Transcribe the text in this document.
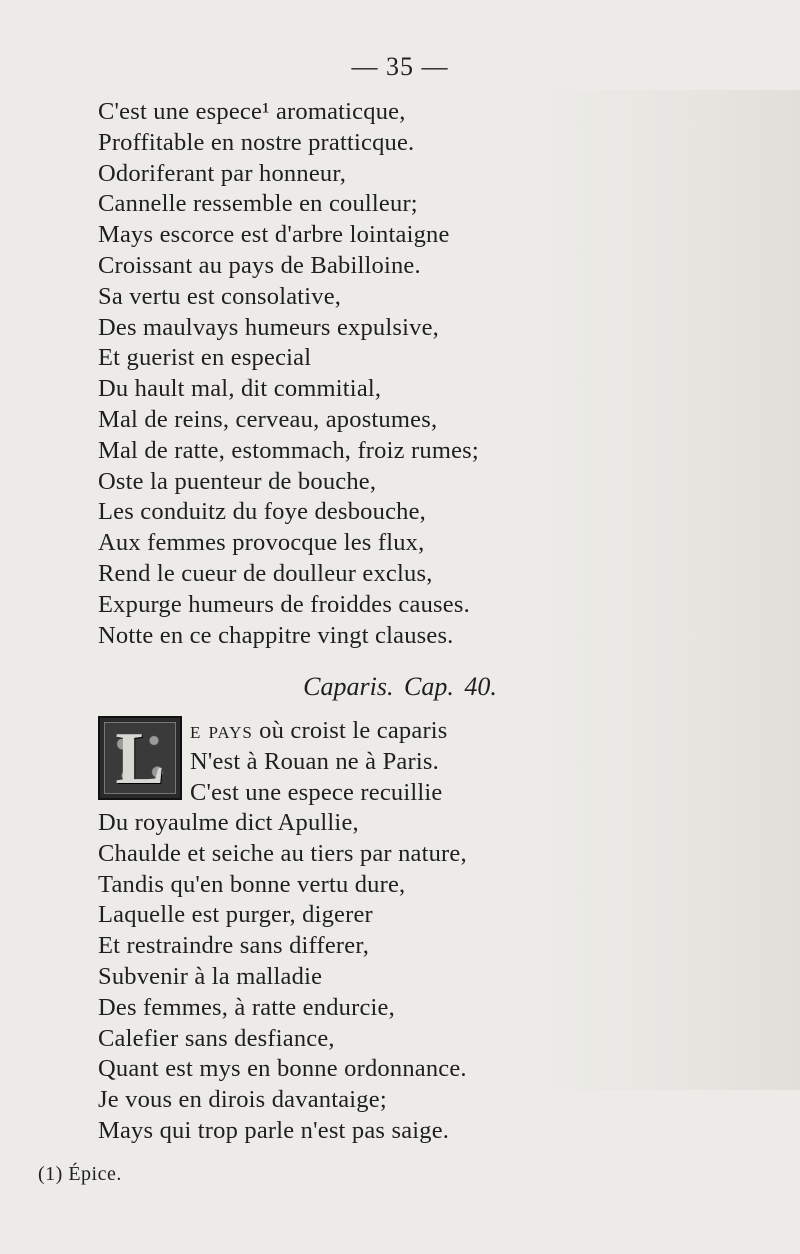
— 35 —
C'est une espece¹ aromaticque,
Proffitable en nostre pratticque.
Odoriferant par honneur,
Cannelle ressemble en coulleur;
Mays escorce est d'arbre lointaigne
Croissant au pays de Babilloine.
Sa vertu est consolative,
Des maulvays humeurs expulsive,
Et guerist en especial
Du hault mal, dit commitial,
Mal de reins, cerveau, apostumes,
Mal de ratte, estommach, froiz rumes;
Oste la puenteur de bouche,
Les conduitz du foye desbouche,
Aux femmes provocque les flux,
Rend le cueur de doulleur exclus,
Expurge humeurs de froiddes causes.
Notte en ce chappitre vingt clauses.
Caparis. Cap. 40.
L	e pays où croist le caparis
N'est à Rouan ne à Paris.
C'est une espece recuillie
Du royaulme dict Apullie,
Chaulde et seiche au tiers par nature,
Tandis qu'en bonne vertu dure,
Laquelle est purger, digerer
Et restraindre sans differer,
Subvenir à la malladie
Des femmes, à ratte endurcie,
Calefier sans desfiance,
Quant est mys en bonne ordonnance.
Je vous en dirois davantaige;
Mays qui trop parle n'est pas saige.
(1) Épice.
